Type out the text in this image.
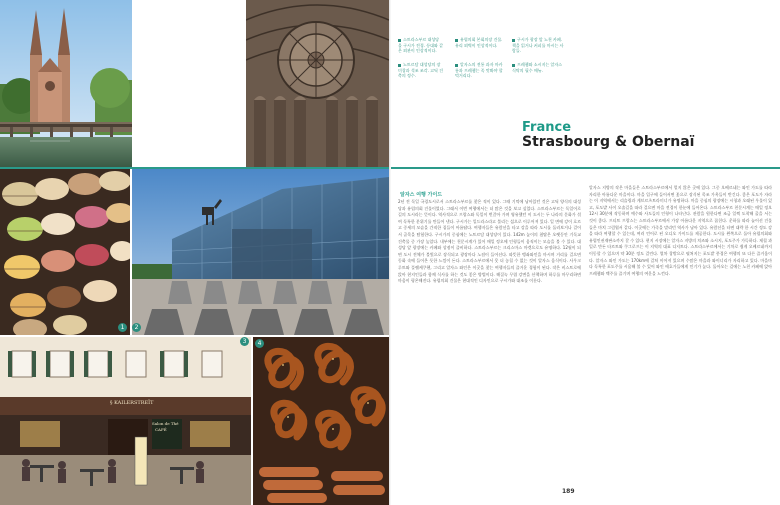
스트라스부르 대성당 울 구시가 전경. 등대와 같은 외관이 인상적이다.
노트르담 대성당의 장미창과 석조 조각. 고딕 건축의 정수.
유럽의회 본회의장 건물. 유리 외벽이 인상적이다.
알자스의 전통 과자 마카롱과 프레쳄는 꼭 맛봐야 할 먹거리다.
구시가 광장 앞 노천 카페. 책을 읽거나 커피를 마시는 사람들.
프레쳄와 소시지는 알자스 식탁의 필수 메뉴.
France
Strasbourg & Obernaï
1	2
§ KAILERSTREÏT
Salon de Thé
CAFÉ
3	4
알자스 여행 가이드
2년 전 독일 국경도시로서 스트라스부르를 찾은 적이 있다. 그때 기억에 남아있던 것은 고딕 양식의 대성당과 유럽의회 건물이었다. 그래서 이번 여행에서는 더 많은 것을 보고 싶었다. 스트라스부르는 독일어로 길의 도시라는 뜻이다. 역사적으로 프랑스와 독일이 번갈아 가며 영유했던 이 도시는 두 나라의 문화가 섞여 독특한 분위기를 만들어 낸다. 구시가는 일드라스라고 불리는 섬으로 이루어져 있다. 일 변에 강이 흐르고 중세의 모습을 간직한 집들이 아름답다. 여행자들은 유람선을 타고 강을 따라 도시를 둘러보거나 걸어서 골목을 탐험한다. 구시가의 중심에는 노트르담 대성당이 있다. 142m 높이의 첨탑은 오랫동안 기독교 건축물 중 가장 높았다. 내부에는 천문시계가 있어 매일 정오에 인형들이 움직이는 모습을 볼 수 있다. 대성당 앞 광장에는 카페와 상점이 즐비하다. 스트라스부르는 크리스마스 마켓으로도 유명하다. 12월이 되면 도시 전체가 불빛으로 장식되고 광장마다 노점이 들어선다. 따뜻한 뱅솨와인을 마시며 거리를 걸으면 동화 속에 들어온 듯한 느낌이 든다. 스트라스부르에서 못 더 놓칠 수 없는 것이 알자스 음식이다. 사우크루트와 플램케쿠헨, 그리고 알자스 와인은 이곳을 찾는 여행자들의 즐거운 경험이 된다. 작은 비스트로에 앉아 현지인들과 함께 식사를 하는 것도 좋은 방법이다. 해질녹 무렵 강변을 산책하며 하루를 마무리하면 마음이 평온해진다. 유럽의회 건물은 현대적인 디자인으로 구시가와 대조를 이룬다.
알자스 지방의 작은 마을들은 스트라스부르에서 멀지 않은 곳에 있다. 그중 오베르네는 와인 가도를 따라 자리한 아름다운 마을이다. 마을 입구에 들어서면 꽃으로 장식된 목조 가옥들이 반긴다. 좋은 포도가 자라는 이 지역에서는 리슬링과 게브르츠트라미너가 유명하다. 마을 중심의 광장에는 시청과 오래된 우물이 있고, 포도밭 사이 오솔길을 따라 걸으면 마을 전경이 한눈에 들어온다. 스트라스부르 천문시계는 매일 정오 12시 30분에 작동하며 예수와 사도들의 인형이 나타난다. 관람을 원한다면 조금 일찍 도착해 줄을 서는 것이 좋다. 프티트 프랑스는 스트라스부르에서 가장 아름다운 지역으로 꼽힌다. 운하를 따라 늘어선 건물들은 마치 그림엽서 같다. 이곳에는 가죽을 말리던 역사가 남아 있다. 유람선을 타면 대략 한 시간 정도 강을 따라 여행할 수 있는데, 여러 언어로 된 오디오 가이드를 제공한다. 도시를 왼쪽으로 돌아 유럽의회와 유럽인권재판소까지 갈 수 있다. 현지 시장에는 알자스 지방의 치즈와 소시지, 포도주가 가득하다. 제철 과일로 만든 타르트와 쿠그로프는 이 지역의 대표 디저트다. 스트라스부르에서는 기차로 쉽게 오베르네까지 이동할 수 있으며 약 30분 정도 걸린다. 열차 창밖으로 펼쳐지는 포도밭 풍경은 여행의 또 다른 즐거움이다. 알자스 와인 가도는 170km에 걸쳐 이어져 있으며 수많은 마을과 와이너리가 자리하고 있다. 마을마다 독특한 포도주를 시음해 볼 수 있어 와인 애호가들에게 인기가 높다. 돌아오는 길에는 노천 카페에 앉아 프레쳄와 맥주를 즐기며 여행의 여운을 느낀다.
189
